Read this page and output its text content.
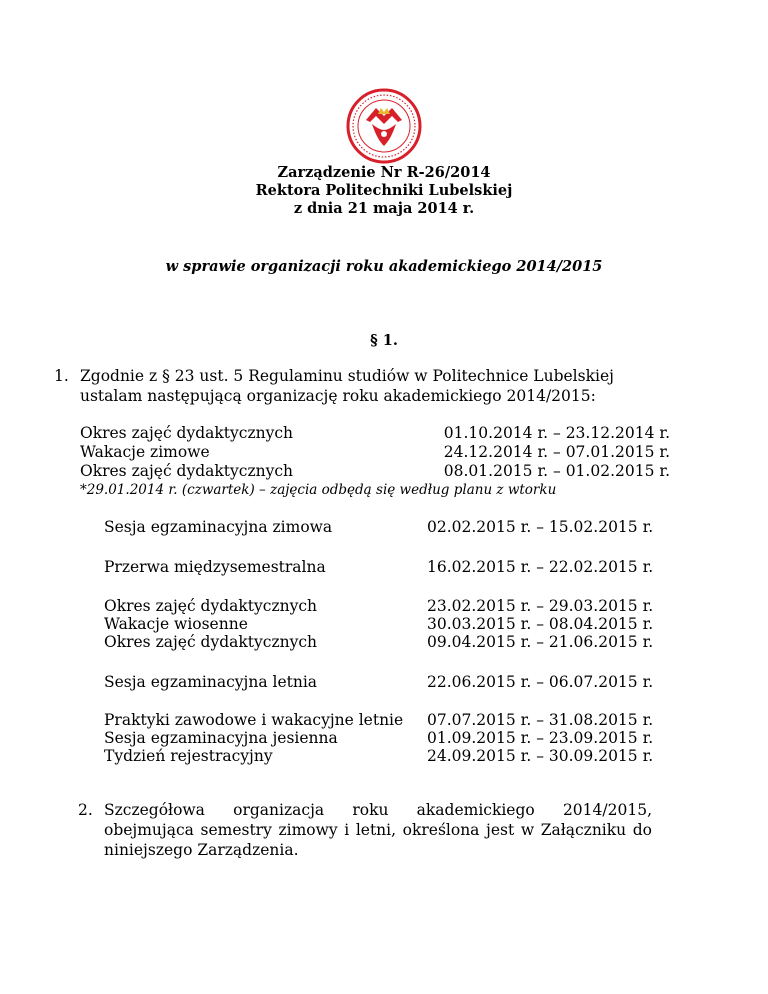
Zarządzenie Nr R-26/2014
Rektora Politechniki Lubelskiej
z dnia 21 maja 2014 r.
w sprawie organizacji roku akademickiego 2014/2015
§ 1.
1. Zgodnie z § 23 ust. 5 Regulaminu studiów w Politechnice Lubelskiej ustalam następującą organizację roku akademickiego 2014/2015:
Okres zajęć dydaktycznych	01.10.2014 r. – 23.12.2014 r.
Wakacje zimowe	24.12.2014 r. – 07.01.2015 r.
Okres zajęć dydaktycznych	08.01.2015 r. – 01.02.2015 r.
*29.01.2014 r. (czwartek) – zajęcia odbędą się według planu z wtorku
Sesja egzaminacyjna zimowa	02.02.2015 r. – 15.02.2015 r.
Przerwa międzysemestralna	16.02.2015 r. – 22.02.2015 r.
Okres zajęć dydaktycznych	23.02.2015 r. – 29.03.2015 r.
Wakacje wiosenne	30.03.2015 r. – 08.04.2015 r.
Okres zajęć dydaktycznych	09.04.2015 r. – 21.06.2015 r.
Sesja egzaminacyjna letnia	22.06.2015 r. – 06.07.2015 r.
Praktyki zawodowe i wakacyjne letnie 07.07.2015 r. – 31.08.2015 r.
Sesja egzaminacyjna jesienna	01.09.2015 r. – 23.09.2015 r.
Tydzień rejestracyjny	24.09.2015 r. – 30.09.2015 r.
2. Szczegółowa organizacja roku akademickiego 2014/2015, obejmująca semestry zimowy i letni, określona jest w Załączniku do niniejszego Zarządzenia.
